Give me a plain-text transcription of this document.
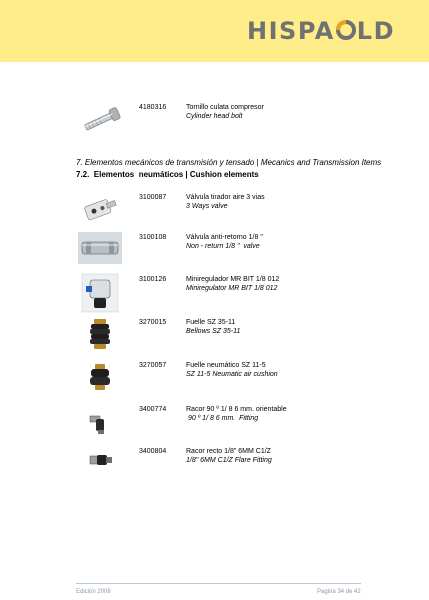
HISPA LD
4180316	Tornillo culata compresor
Cylinder head bolt
7. Elementos mecánicos de transmisión y tensado | Mecanics and Transmission Items
7.2.  Elementos  neumáticos | Cushion elements
3100087	Válvula tirador aire 3 vias
3 Ways valve
3100108	Válvula anti-retorno 1/8 "
Non - return 1/8 "  valve
3100126	Miniregulador MR BIT 1/8 012
Miniregulator MR BIT 1/8 012
3270015	Fuelle SZ 35-11
Bellows SZ 35-11
3270057	Fuelle neumático SZ 11-5
SZ 11-5 Neumatic air cushion
3400774	Racor 90 º 1/ 8 6 mm. orientable
90 º 1/ 8 6 mm.  Fitting
3400804	Racor recto 1/8" 6MM C1/Z
1/8" 6MM C1/Z Flare Fitting
Edición 2008	Pagina 34 de 42
